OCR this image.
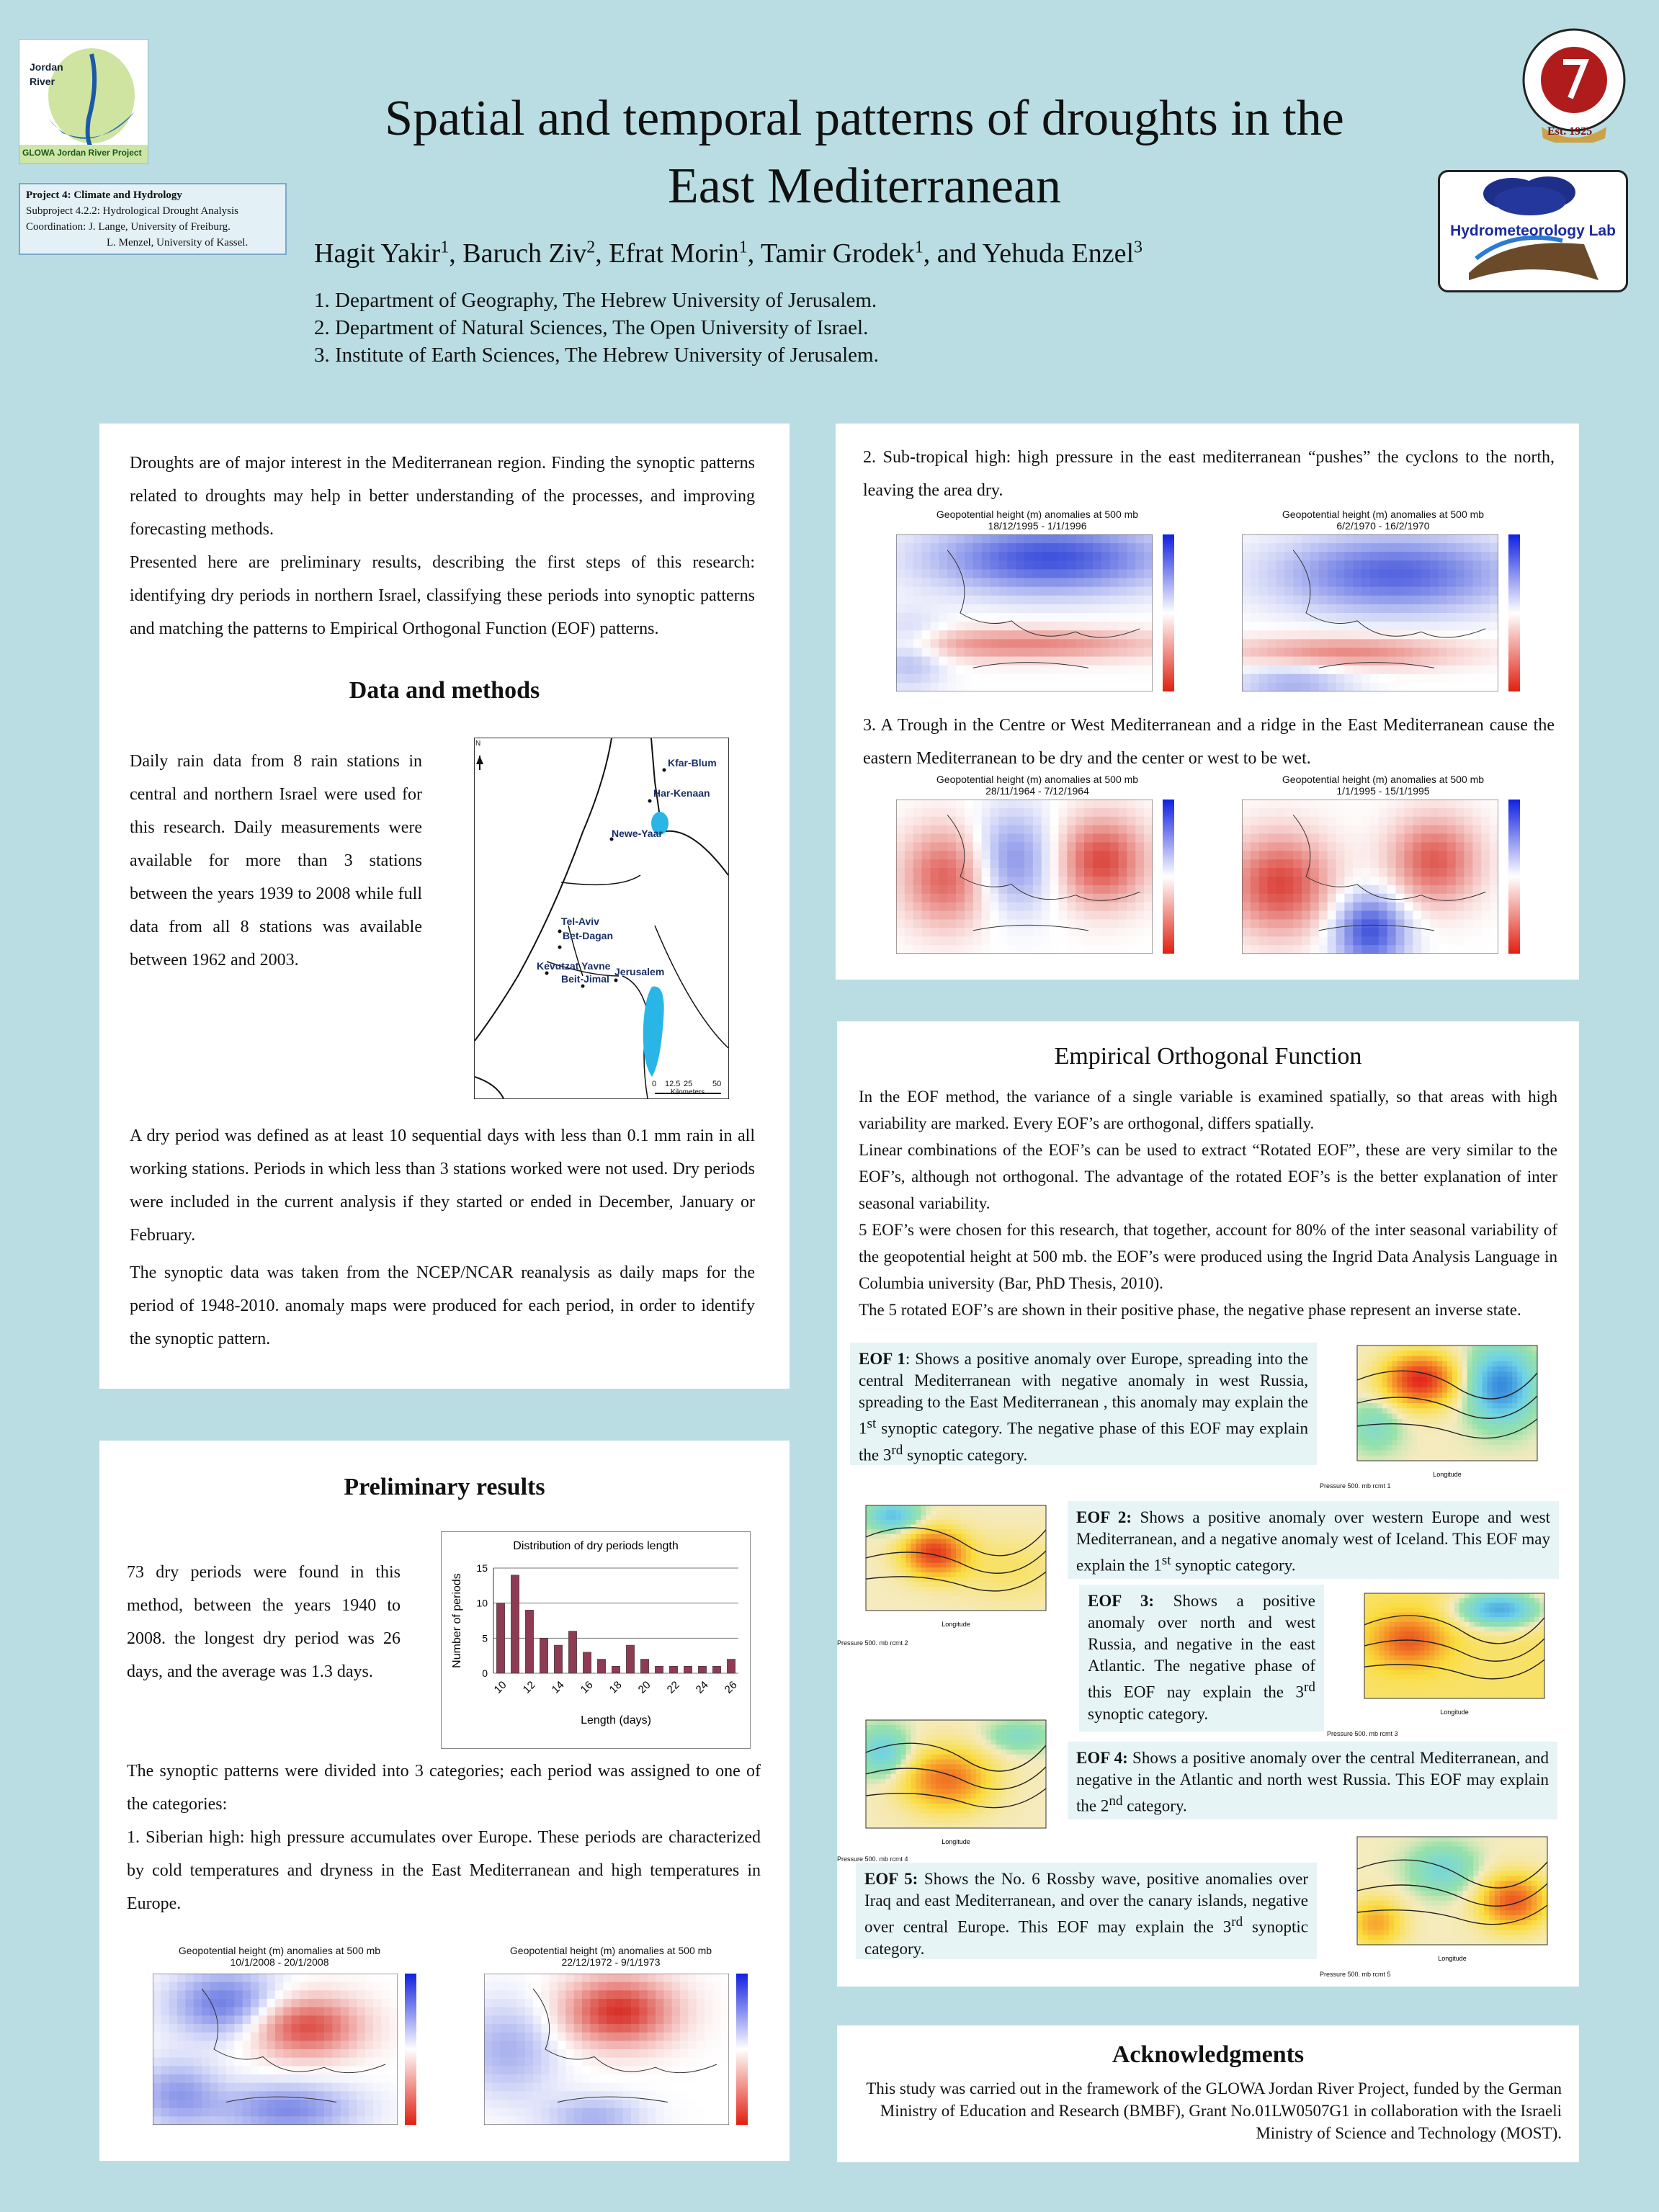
Jordan
River
GLOWA Jordan River Project
Project 4: Climate and Hydrology
Subproject 4.2.2: Hydrological Drought Analysis
Coordination: J. Lange, University of Freiburg.
L. Menzel, University of Kassel.
Spatial and temporal patterns of droughts in the
East Mediterranean
Hagit Yakir$^1$, Baruch Ziv$^2$, Efrat Morin$^1$, Tamir Grodek$^1$, and Yehuda Enzel$^3$
1. Department of Geography, The Hebrew University of Jerusalem.
2. Department of Natural Sciences, The Open University of Israel.
3. Institute of Earth Sciences, The Hebrew University of Jerusalem.
Est. 1925
Hydrometeorology Lab

Droughts are of major interest in the Mediterranean region. Finding the synoptic patterns related to droughts may help in better understanding of the processes, and improving forecasting methods.

Presented here are preliminary results, describing the first steps of this research: identifying dry periods in northern Israel, classifying these periods into synoptic patterns and matching the patterns to Empirical Orthogonal Function (EOF) patterns.

Data and methods

Daily rain data from 8 rain stations in central and northern Israel were used for this research. Daily measurements were available for more than 3 stations between the years 1939 to 2008 while full data from all 8 stations was available between 1962 and 2003.

N
Kfar-Blum
Har-Kenaan
Newe-Yaar
Tel-Aviv
Bet-Dagan
Kevutzat Yavne
Beit-Jimal
Jerusalem
0 12.5 25	50
Kilometers

A dry period was defined as at least 10 sequential days with less than 0.1 mm rain in all working stations. Periods in which less than 3 stations worked were not used. Dry periods were included in the current analysis if they started or ended in December, January or February.

The synoptic data was taken from the NCEP/NCAR reanalysis as daily maps for the period of 1948-2010. anomaly maps were produced for each period, in order to identify the synoptic pattern.

Preliminary results

73 dry periods were found in this method, between the years 1940 to 2008. the longest dry period was 26 days, and the average was 1.3 days.

Distribution of dry periods length
0
5
10
15
10 12 14 16 18 20 22 24 26
Length (days)
Number of periods

The synoptic patterns were divided into 3 categories; each period was assigned to one of the categories:

1. Siberian high: high pressure accumulates over Europe. These periods are characterized by cold temperatures and dryness in the East Mediterranean and high temperatures in Europe.

Geopotential height (m) anomalies at 500 mb
10/1/2008 - 20/1/2008
Geopotential height (m) anomalies at 500 mb
22/12/1972 - 9/1/1973

2. Sub-tropical high: high pressure in the east mediterranean “pushes” the cyclons to the north, leaving the area dry.

Geopotential height (m) anomalies at 500 mb
18/12/1995 - 1/1/1996
Geopotential height (m) anomalies at 500 mb
6/2/1970 - 16/2/1970

3. A Trough in the Centre or West Mediterranean and a ridge in the East Mediterranean cause the eastern Mediterranean to be dry and the center or west to be wet.

Geopotential height (m) anomalies at 500 mb
28/11/1964 - 7/12/1964
Geopotential height (m) anomalies at 500 mb
1/1/1995 - 15/1/1995
Empirical Orthogonal Function
In the EOF method, the variance of a single variable is examined spatially, so that areas with high variability are marked. Every EOF’s are orthogonal, differs spatially.
Linear combinations of the EOF’s can be used to extract “Rotated EOF”, these are very similar to the EOF’s, although not orthogonal. The advantage of the rotated EOF’s is the better explanation of inter seasonal variability.
5 EOF’s were chosen for this research, that together, account for 80% of the inter seasonal variability of the geopotential height at 500 mb. the EOF’s were produced using the Ingrid Data Analysis Language in Columbia university (Bar, PhD Thesis, 2010).
The 5 rotated EOF’s are shown in their positive phase, the negative phase represent an inverse state.
EOF 1: Shows a positive anomaly over Europe, spreading into the central Mediterranean with negative anomaly in west Russia, spreading to the East Mediterranean , this anomaly may explain the 1st synoptic category. The negative phase of this EOF may explain the 3rd synoptic category.
Longitude
Pressure 500. mb rcmt 1
Longitude
Pressure 500. mb rcmt 2
EOF 2: Shows a positive anomaly over western Europe and west Mediterranean, and a negative anomaly west of Iceland. This EOF may explain the 1st synoptic category.
EOF 3: Shows a positive anomaly over north and west Russia, and negative in the east Atlantic. The negative phase of this EOF nay explain the 3rd synoptic category.	Longitude
Pressure 500. mb rcmt 3
Longitude
Pressure 500. mb rcmt 4
EOF 4: Shows a positive anomaly over the central Mediterranean, and negative in the Atlantic and north west Russia. This EOF may explain the 2nd category.
EOF 5: Shows the No. 6 Rossby wave, positive anomalies over Iraq and east Mediterranean, and over the canary islands, negative over central Europe. This EOF may explain the 3rd synoptic category.
Longitude
Pressure 500. mb rcmt 5
Acknowledgments
This study was carried out in the framework of the GLOWA Jordan River Project, funded by the German Ministry of Education and Research (BMBF), Grant No.01LW0507G1 in collaboration with the Israeli Ministry of Science and Technology (MOST).
